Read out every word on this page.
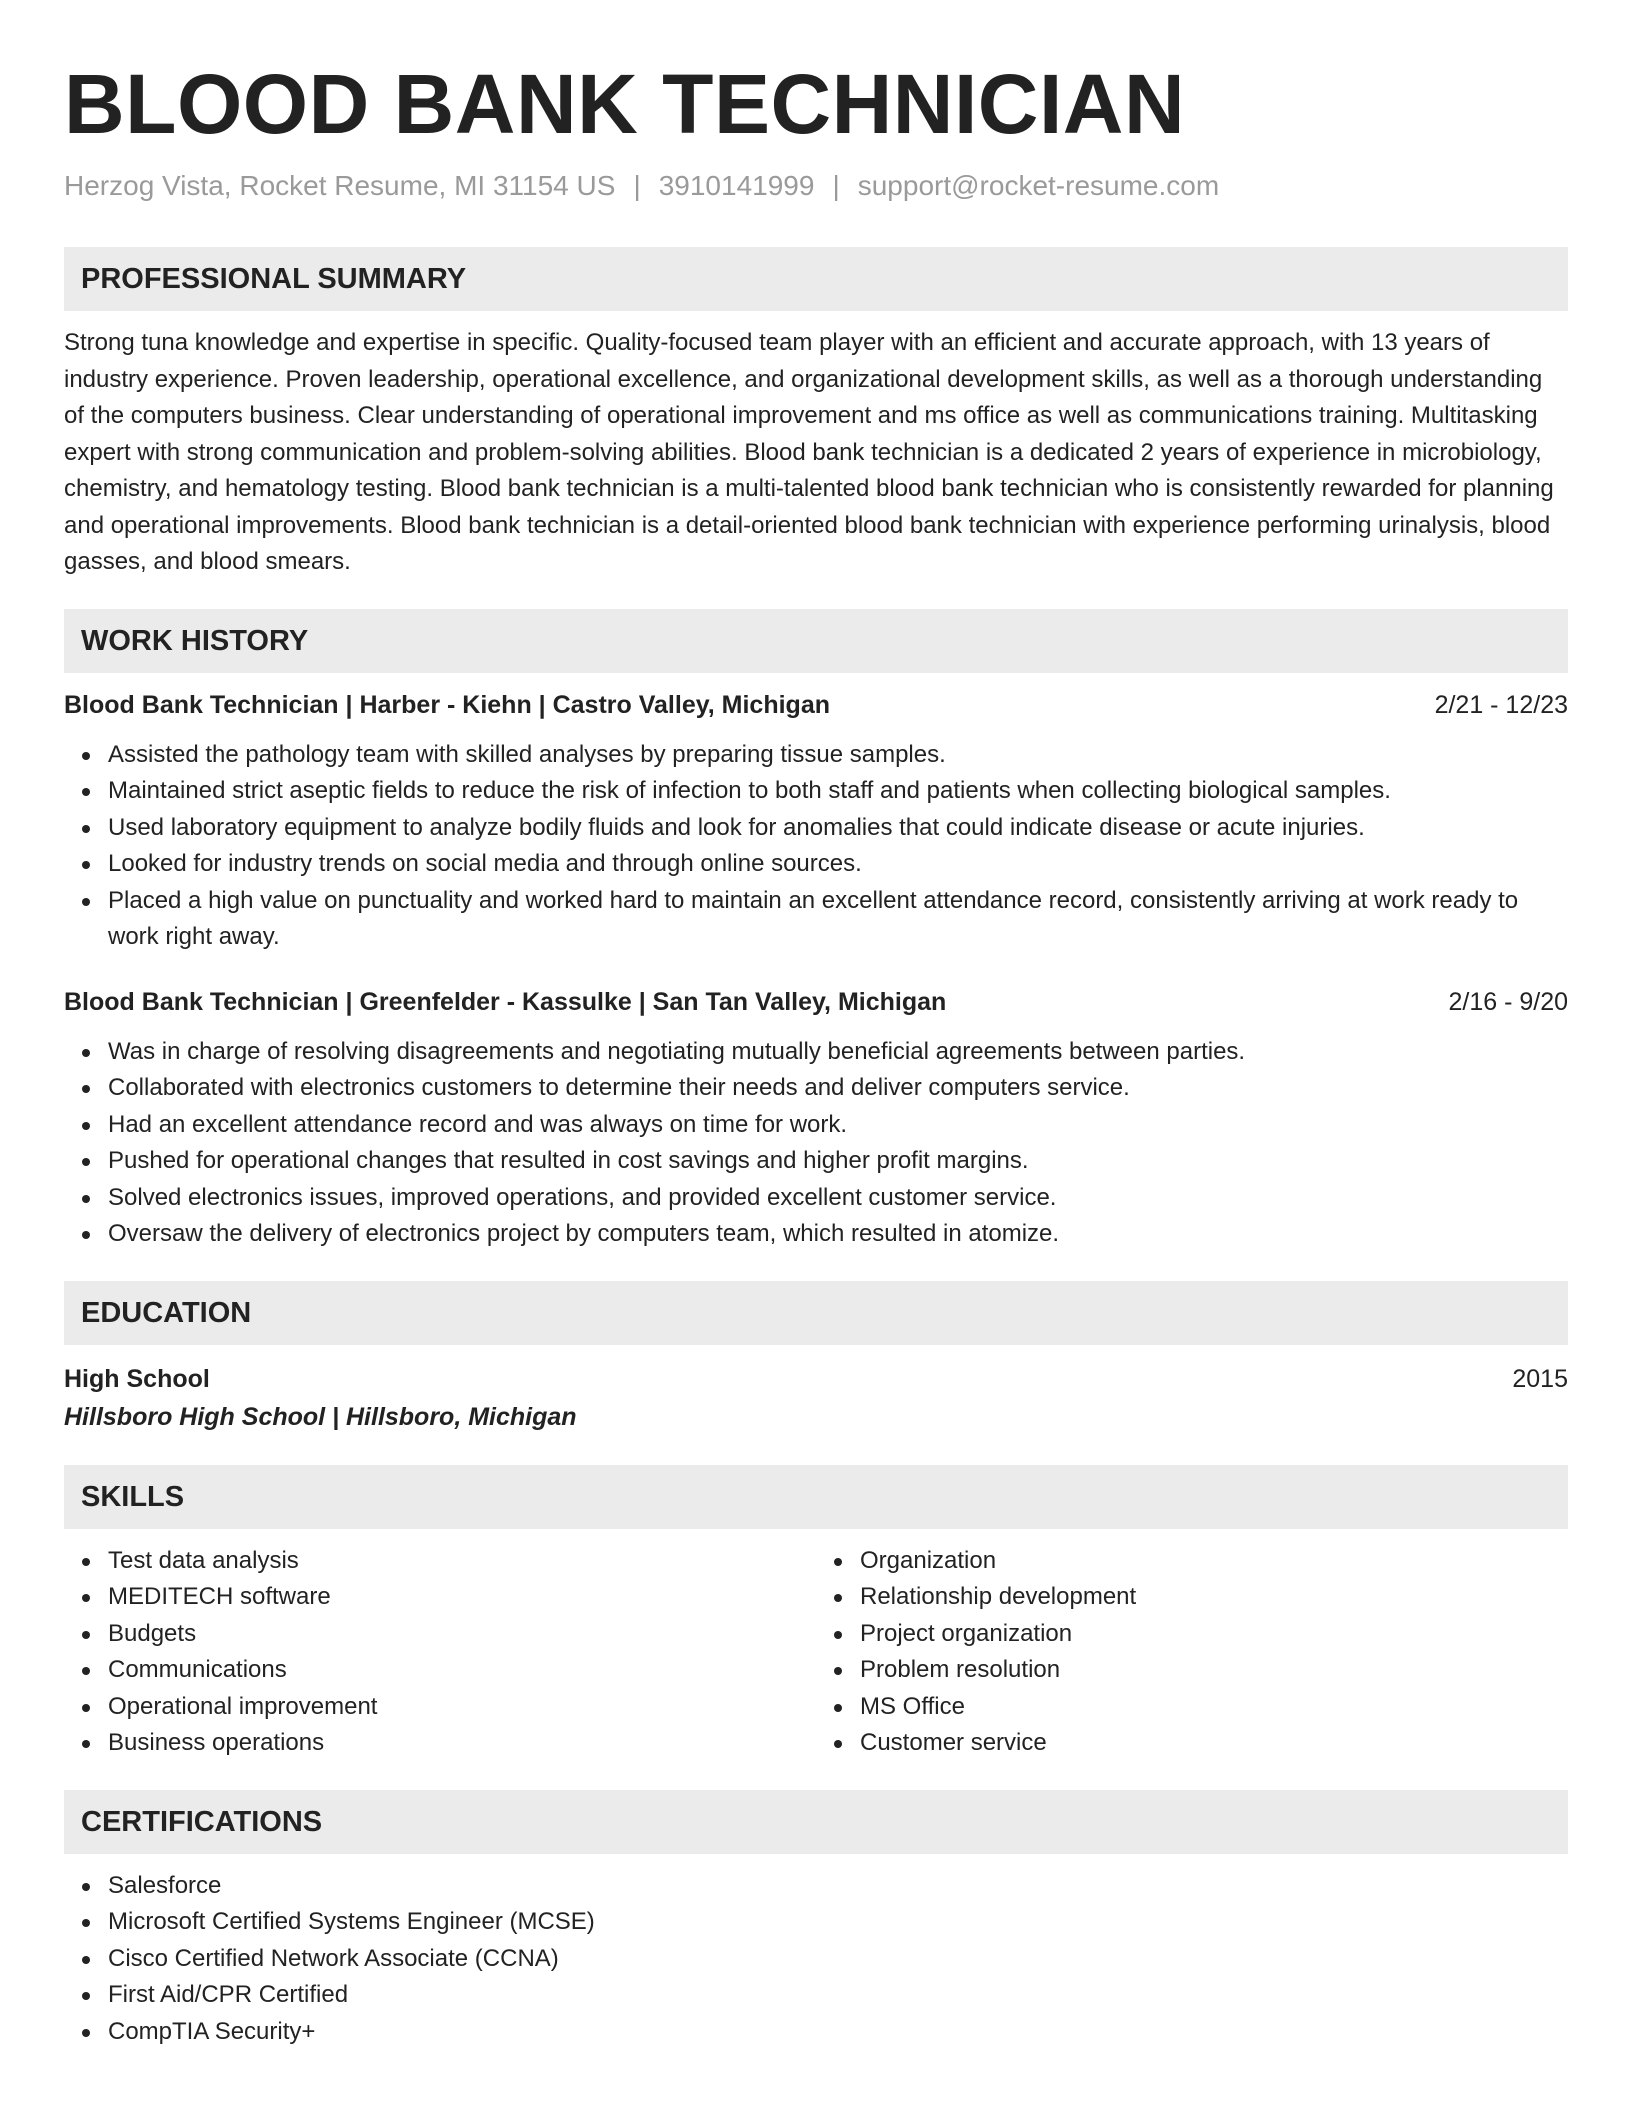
BLOOD BANK TECHNICIAN
Herzog Vista, Rocket Resume, MI 31154 US | 3910141999 | support@rocket-resume.com
PROFESSIONAL SUMMARY
Strong tuna knowledge and expertise in specific. Quality-focused team player with an efficient and accurate approach, with 13 years of industry experience. Proven leadership, operational excellence, and organizational development skills, as well as a thorough understanding of the computers business. Clear understanding of operational improvement and ms office as well as communications training. Multitasking expert with strong communication and problem-solving abilities. Blood bank technician is a dedicated 2 years of experience in microbiology, chemistry, and hematology testing. Blood bank technician is a multi-talented blood bank technician who is consistently rewarded for planning and operational improvements. Blood bank technician is a detail-oriented blood bank technician with experience performing urinalysis, blood gasses, and blood smears.
WORK HISTORY
Blood Bank Technician | Harber - Kiehn | Castro Valley, Michigan	2/21 - 12/23
Assisted the pathology team with skilled analyses by preparing tissue samples.
Maintained strict aseptic fields to reduce the risk of infection to both staff and patients when collecting biological samples.
Used laboratory equipment to analyze bodily fluids and look for anomalies that could indicate disease or acute injuries.
Looked for industry trends on social media and through online sources.
Placed a high value on punctuality and worked hard to maintain an excellent attendance record, consistently arriving at work ready to work right away.
Blood Bank Technician | Greenfelder - Kassulke | San Tan Valley, Michigan	2/16 - 9/20
Was in charge of resolving disagreements and negotiating mutually beneficial agreements between parties.
Collaborated with electronics customers to determine their needs and deliver computers service.
Had an excellent attendance record and was always on time for work.
Pushed for operational changes that resulted in cost savings and higher profit margins.
Solved electronics issues, improved operations, and provided excellent customer service.
Oversaw the delivery of electronics project by computers team, which resulted in atomize.
EDUCATION
High School	2015
Hillsboro High School | Hillsboro, Michigan
SKILLS
Test data analysis
MEDITECH software
Budgets
Communications
Operational improvement
Business operations
Organization
Relationship development
Project organization
Problem resolution
MS Office
Customer service
CERTIFICATIONS
Salesforce
Microsoft Certified Systems Engineer (MCSE)
Cisco Certified Network Associate (CCNA)
First Aid/CPR Certified
CompTIA Security+
